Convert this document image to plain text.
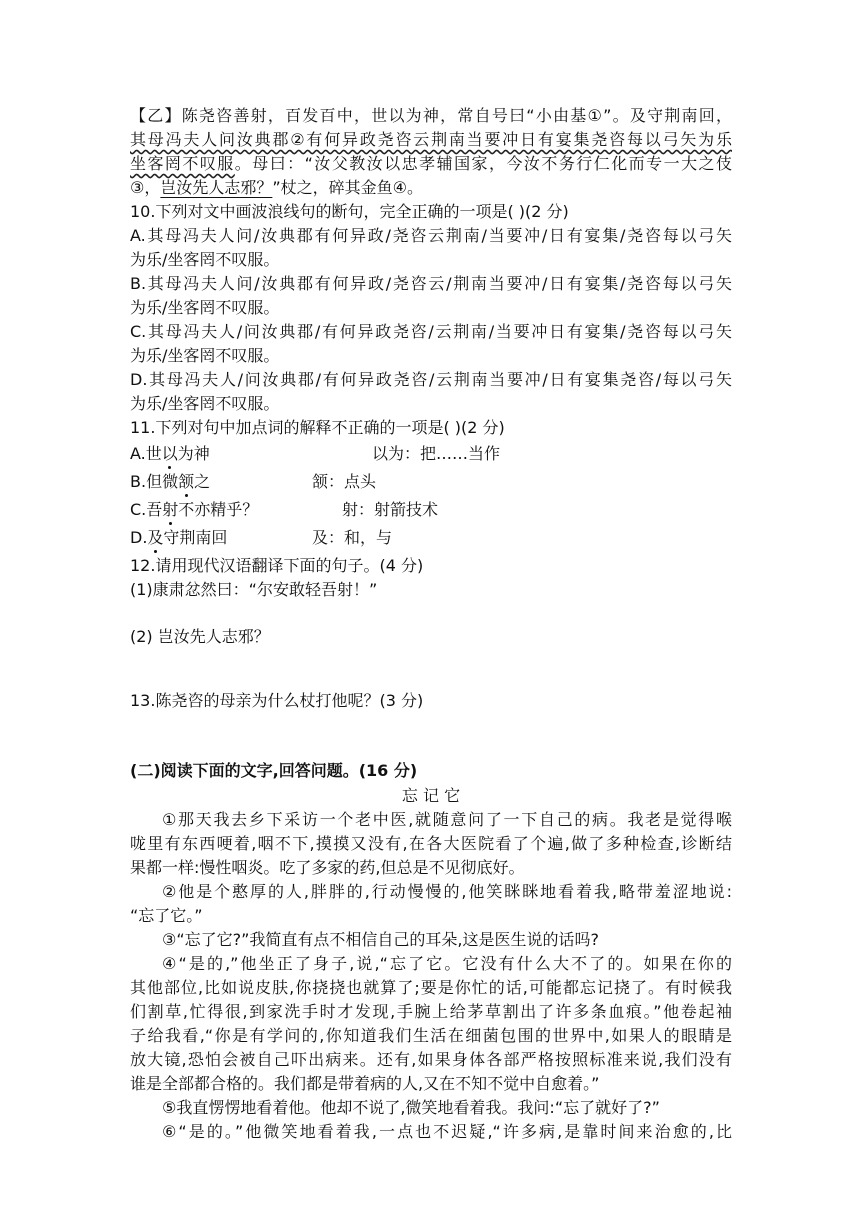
【乙】陈尧咨善射，百发百中，世以为神，常自号曰“小由基①”。及守荆南回，
其母冯夫人问汝典郡②有何异政尧咨云荆南当要冲日有宴集尧咨每以弓矢为乐
坐客罔不叹服。母曰：“汝父教汝以忠孝辅国家，今汝不务行仁化而专一大之伎
③，岂汝先人志邪？”杖之，碎其金鱼④。
10.下列对文中画波浪线句的断句，完全正确的一项是( )(2 分)
A.其母冯夫人问/汝典郡有何异政/尧咨云荆南/当要冲/日有宴集/尧咨每以弓矢
为乐/坐客罔不叹服。
B.其母冯夫人问/汝典郡有何异政/尧咨云/荆南当要冲/日有宴集/尧咨每以弓矢
为乐/坐客罔不叹服。
C.其母冯夫人/问汝典郡/有何异政尧咨/云荆南/当要冲日有宴集/尧咨每以弓矢
为乐/坐客罔不叹服。
D.其母冯夫人/问汝典郡/有何异政尧咨/云荆南当要冲/日有宴集尧咨/每以弓矢
为乐/坐客罔不叹服。
11.下列对句中加点词的解释不正确的一项是( )(2 分)
A.世以为神	以为：把……当作
B.但微颔之	颔：点头
C.吾射不亦精乎？	射：射箭技术
D.及守荆南回	及：和，与
12.请用现代汉语翻译下面的句子。(4 分)
(1)康肃忿然曰：“尔安敢轻吾射！”
(2) 岂汝先人志邪？
13.陈尧咨的母亲为什么杖打他呢？(3 分)
(二)阅读下面的文字,回答问题。(16 分)
忘 记 它
①那天我去乡下采访一个老中医,就随意问了一下自己的病。我老是觉得喉
咙里有东西哽着,咽不下,摸摸又没有,在各大医院看了个遍,做了多种检查,诊断结
果都一样:慢性咽炎。吃了多家的药,但总是不见彻底好。
②他是个憨厚的人,胖胖的,行动慢慢的,他笑眯眯地看着我,略带羞涩地说:
“忘了它。”
③“忘了它?”我简直有点不相信自己的耳朵,这是医生说的话吗?
④“是的,”他坐正了身子,说,“忘了它。它没有什么大不了的。如果在你的
其他部位,比如说皮肤,你挠挠也就算了;要是你忙的话,可能都忘记挠了。有时候我
们割草,忙得很,到家洗手时才发现,手腕上给茅草割出了许多条血痕。”他卷起袖
子给我看,“你是有学问的,你知道我们生活在细菌包围的世界中,如果人的眼睛是
放大镜,恐怕会被自己吓出病来。还有,如果身体各部严格按照标准来说,我们没有
谁是全部都合格的。我们都是带着病的人,又在不知不觉中自愈着。”
⑤我直愣愣地看着他。他却不说了,微笑地看着我。我问:“忘了就好了?”
⑥“是的。”他微笑地看着我,一点也不迟疑,“许多病,是靠时间来治愈的,比
